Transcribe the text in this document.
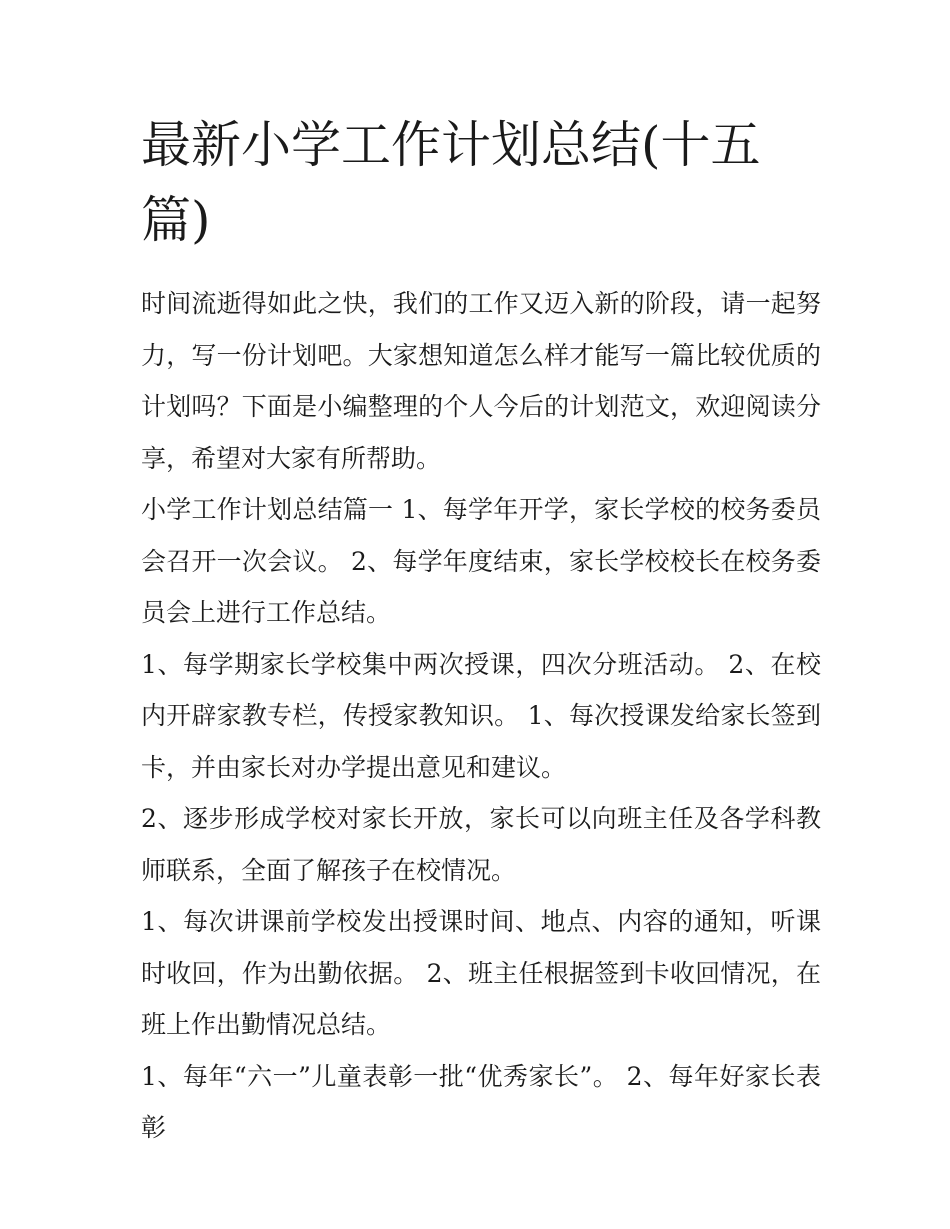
最新小学工作计划总结(十五篇)

时间流逝得如此之快，我们的工作又迈入新的阶段，请一起努力，写一份计划吧。大家想知道怎么样才能写一篇比较优质的计划吗？下面是小编整理的个人今后的计划范文，欢迎阅读分享，希望对大家有所帮助。

小学工作计划总结篇一 1、每学年开学，家长学校的校务委员会召开一次会议。 2、每学年度结束，家长学校校长在校务委员会上进行工作总结。

1、每学期家长学校集中两次授课，四次分班活动。 2、在校内开辟家教专栏，传授家教知识。 1、每次授课发给家长签到卡，并由家长对办学提出意见和建议。

2、逐步形成学校对家长开放，家长可以向班主任及各学科教师联系，全面了解孩子在校情况。

1、每次讲课前学校发出授课时间、地点、内容的通知，听课时收回，作为出勤依据。 2、班主任根据签到卡收回情况，在班上作出勤情况总结。

1、每年“六一”儿童表彰一批“优秀家长”。 2、每年好家长表彰
